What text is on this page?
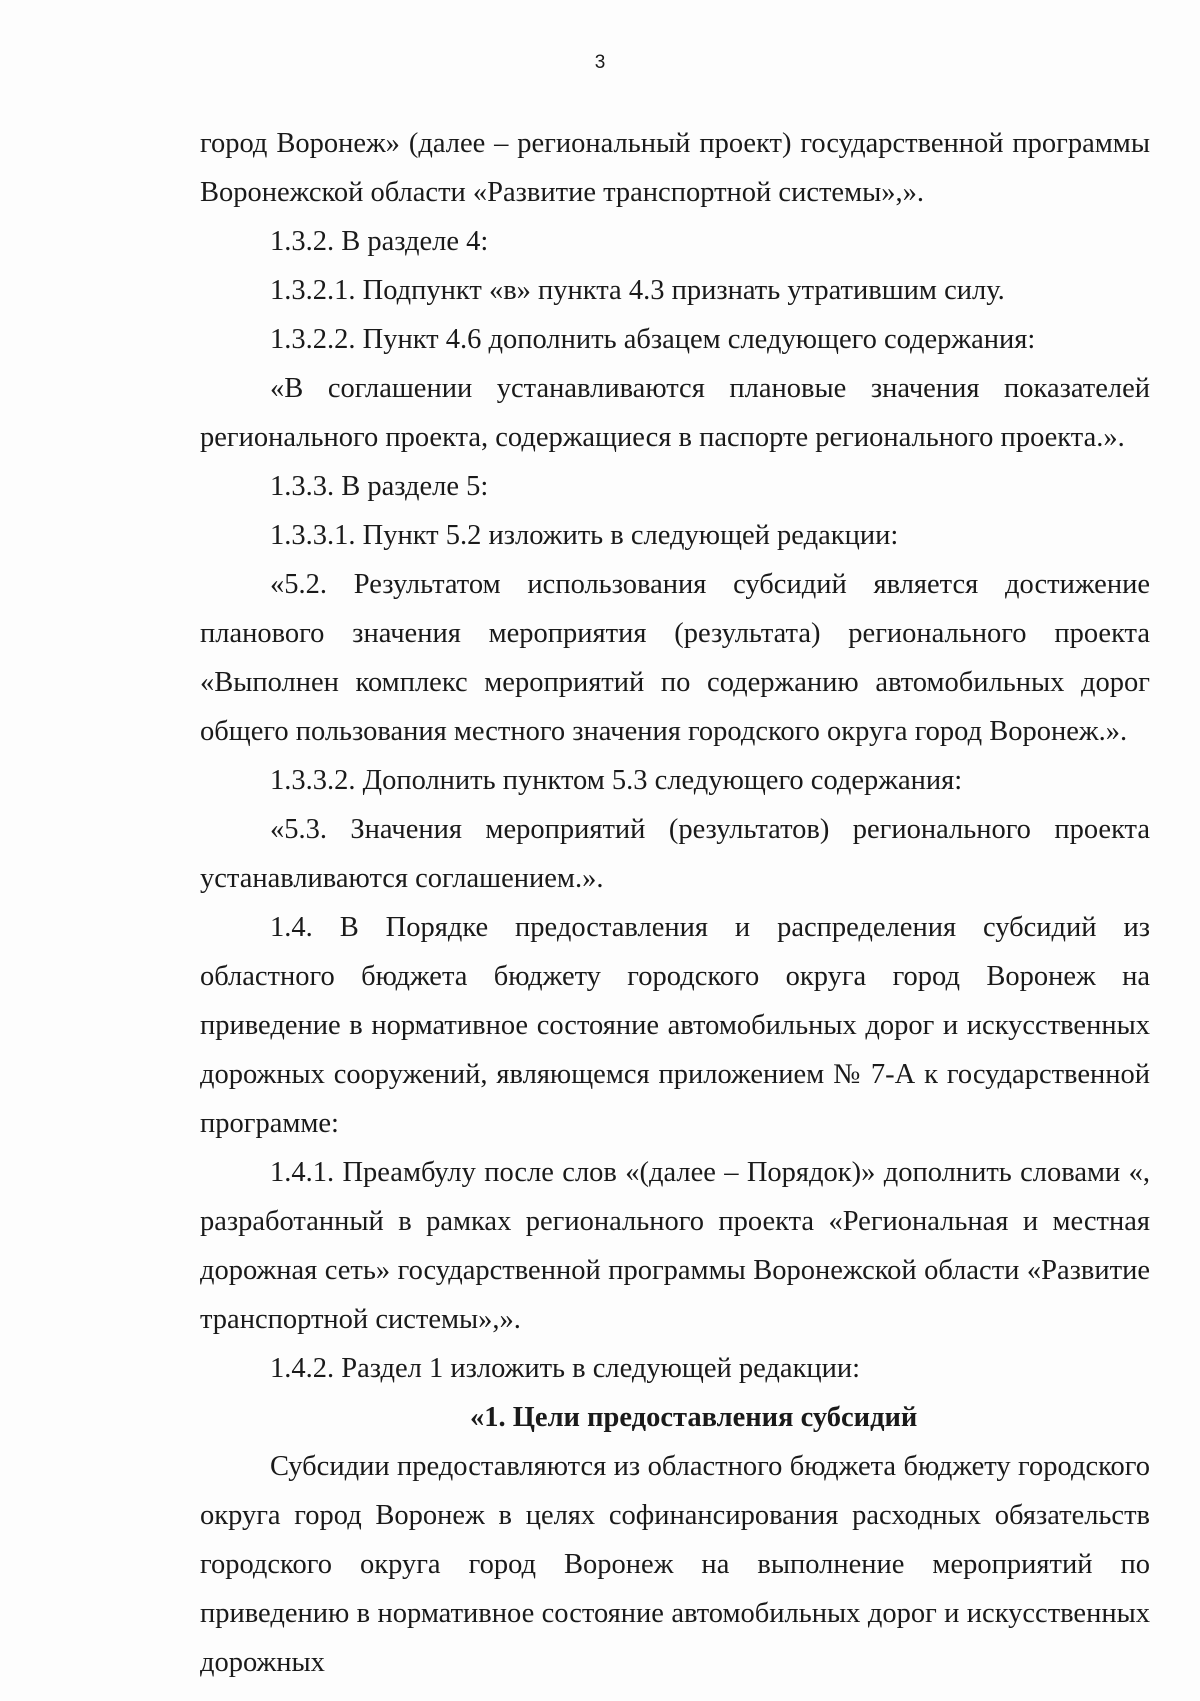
3

город Воронеж» (далее – региональный проект) государственной программы Воронежской области «Развитие транспортной системы»,».

1.3.2. В разделе 4:

1.3.2.1. Подпункт «в» пункта 4.3 признать утратившим силу.

1.3.2.2. Пункт 4.6 дополнить абзацем следующего содержания:

«В соглашении устанавливаются плановые значения показателей регионального проекта, содержащиеся в паспорте регионального проекта.».

1.3.3. В разделе 5:

1.3.3.1. Пункт 5.2 изложить в следующей редакции:

«5.2. Результатом использования субсидий является достижение планового значения мероприятия (результата) регионального проекта «Выполнен комплекс мероприятий по содержанию автомобильных дорог общего пользования местного значения городского округа город Воронеж.».

1.3.3.2. Дополнить пунктом 5.3 следующего содержания:

«5.3. Значения мероприятий (результатов) регионального проекта устанавливаются соглашением.».

1.4. В Порядке предоставления и распределения субсидий из областного бюджета бюджету городского округа город Воронеж на приведение в нормативное состояние автомобильных дорог и искусственных дорожных сооружений, являющемся приложением № 7-А к государственной программе:

1.4.1. Преамбулу после слов «(далее – Порядок)» дополнить словами «, разработанный в рамках регионального проекта «Региональная и местная дорожная сеть» государственной программы Воронежской области «Развитие транспортной системы»,».

1.4.2. Раздел 1 изложить в следующей редакции:

«1. Цели предоставления субсидий

Субсидии предоставляются из областного бюджета бюджету городского округа город Воронеж в целях софинансирования расходных обязательств городского округа город Воронеж на выполнение мероприятий по приведению в нормативное состояние автомобильных дорог и искусственных дорожных
